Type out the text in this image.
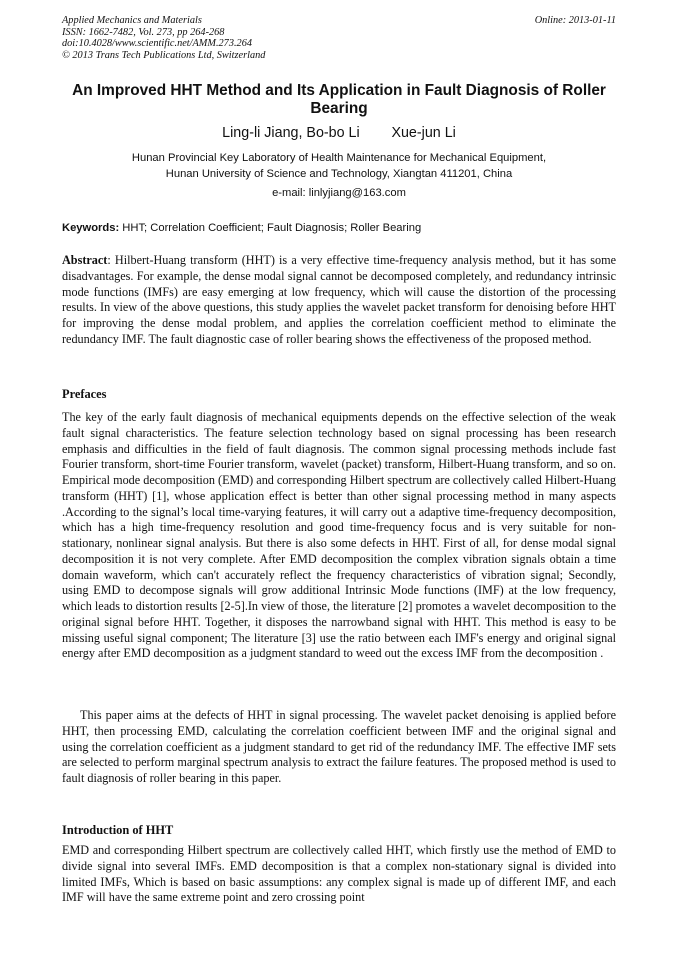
Applied Mechanics and Materials
ISSN: 1662-7482, Vol. 273, pp 264-268
doi:10.4028/www.scientific.net/AMM.273.264
© 2013 Trans Tech Publications Ltd, Switzerland
Online: 2013-01-11
An Improved HHT Method and Its Application in Fault Diagnosis of Roller Bearing
Ling-li Jiang, Bo-bo Li        Xue-jun Li
Hunan Provincial Key Laboratory of Health Maintenance for Mechanical Equipment,
Hunan University of Science and Technology, Xiangtan 411201, China
e-mail: linlyjiang@163.com
Keywords: HHT; Correlation Coefficient; Fault Diagnosis; Roller Bearing
Abstract: Hilbert-Huang transform (HHT) is a very effective time-frequency analysis method, but it has some disadvantages. For example, the dense modal signal cannot be decomposed completely, and redundancy intrinsic mode functions (IMFs) are easy emerging at low frequency, which will cause the distortion of the processing results. In view of the above questions, this study applies the wavelet packet transform for denoising before HHT for improving the dense modal problem, and applies the correlation coefficient method to eliminate the redundancy IMF. The fault diagnostic case of roller bearing shows the effectiveness of the proposed method.
Prefaces
The key of the early fault diagnosis of mechanical equipments depends on the effective selection of the weak fault signal characteristics. The feature selection technology based on signal processing has been research emphasis and difficulties in the field of fault diagnosis. The common signal processing methods include fast Fourier transform, short-time Fourier transform, wavelet (packet) transform, Hilbert-Huang transform, and so on. Empirical mode decomposition (EMD) and corresponding Hilbert spectrum are collectively called Hilbert-Huang transform (HHT) [1], whose application effect is better than other signal processing method in many aspects .According to the signal’s local time-varying features, it will carry out a adaptive time-frequency decomposition, which has a high time-frequency resolution and good time-frequency focus and is very suitable for non-stationary, nonlinear signal analysis. But there is also some defects in HHT. First of all, for dense modal signal decomposition it is not very complete. After EMD decomposition the complex vibration signals obtain a time domain waveform, which can't accurately reflect the frequency characteristics of vibration signal; Secondly, using EMD to decompose signals will grow additional Intrinsic Mode functions (IMF) at the low frequency, which leads to distortion results [2-5].In view of those, the literature [2] promotes a wavelet decomposition to the original signal before HHT. Together, it disposes the narrowband signal with HHT. This method is easy to be missing useful signal component; The literature [3] use the ratio between each IMF's energy and original signal energy after EMD decomposition as a judgment standard to weed out the excess IMF from the decomposition .
This paper aims at the defects of HHT in signal processing. The wavelet packet denoising is applied before HHT, then processing EMD, calculating the correlation coefficient between IMF and the original signal and using the correlation coefficient as a judgment standard to get rid of the redundancy IMF. The effective IMF sets are selected to perform marginal spectrum analysis to extract the failure features. The proposed method is used to fault diagnosis of roller bearing in this paper.
Introduction of HHT
EMD and corresponding Hilbert spectrum are collectively called HHT, which firstly use the method of EMD to divide signal into several IMFs. EMD decomposition is that a complex non-stationary signal is divided into limited IMFs, Which is based on basic assumptions: any complex signal is made up of different IMF, and each IMF will have the same extreme point and zero crossing point
